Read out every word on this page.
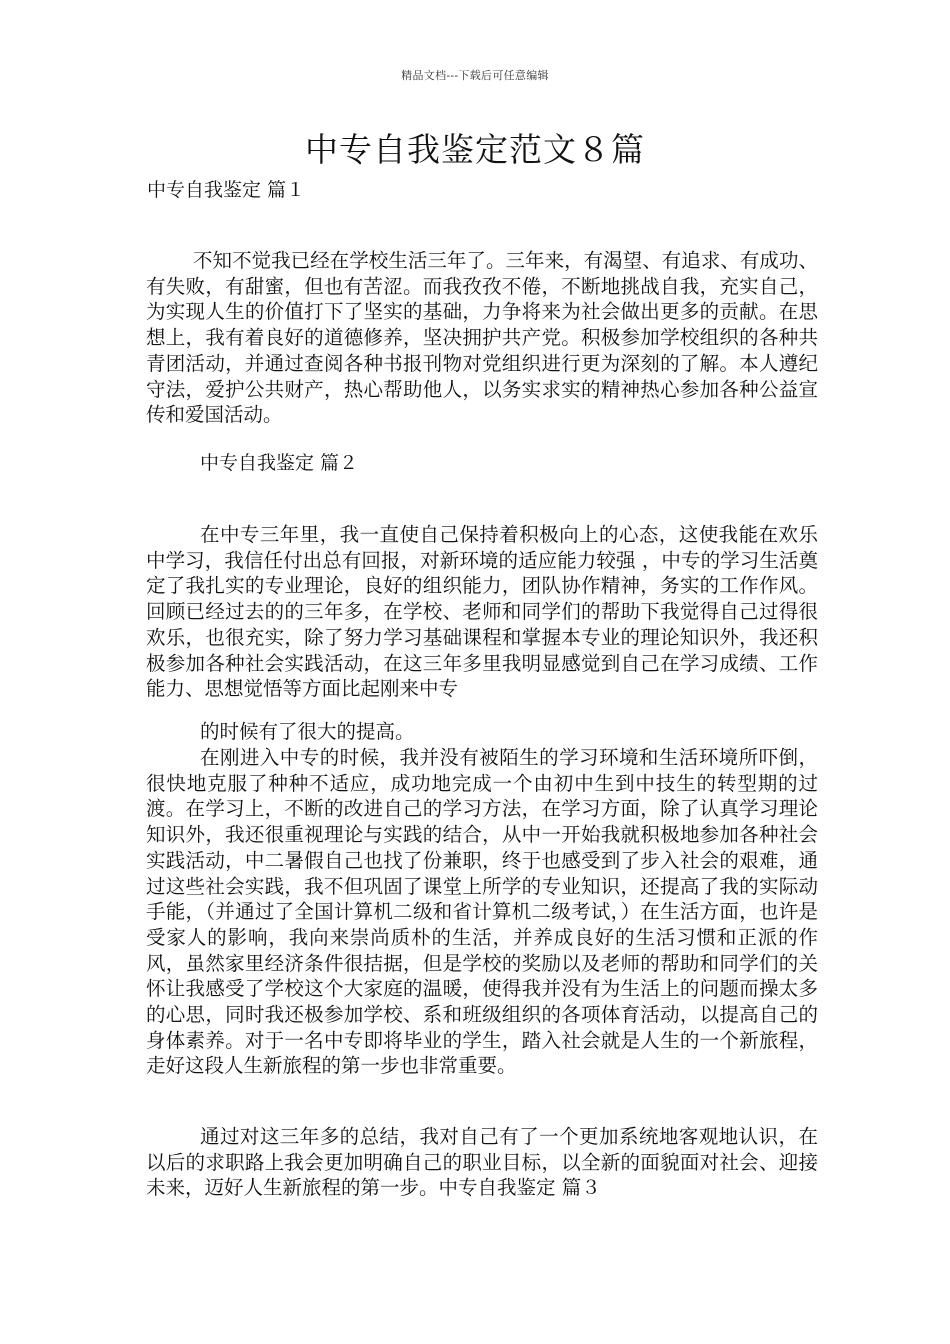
精品文档---下载后可任意编辑
中专自我鉴定范文８篇
中专自我鉴定 篇１

不知不觉我已经在学校生活三年了。三年来，有渴望、有追求、有成功、有失败，有甜蜜，但也有苦涩。而我孜孜不倦，不断地挑战自我，充实自己，为实现人生的价值打下了坚实的基础，力争将来为社会做出更多的贡献。在思想上，我有着良好的道德修养，坚决拥护共产党。积极参加学校组织的各种共青团活动，并通过查阅各种书报刊物对党组织进行更为深刻的了解。本人遵纪守法，爱护公共财产，热心帮助他人，以务实求实的精神热心参加各种公益宣传和爱国活动。

中专自我鉴定 篇２

在中专三年里，我一直使自己保持着积极向上的心态，这使我能在欢乐中学习，我信任付出总有回报，对新环境的适应能力较强 ，中专的学习生活奠定了我扎实的专业理论，良好的组织能力，团队协作精神，务实的工作作风。 回顾已经过去的的三年多，在学校、老师和同学们的帮助下我觉得自己过得很欢乐，也很充实，除了努力学习基础课程和掌握本专业的理论知识外，我还积极参加各种社会实践活动，在这三年多里我明显感觉到自己在学习成绩、工作能力、思想觉悟等方面比起刚来中专

的时候有了很大的提高。

在刚进入中专的时候，我并没有被陌生的学习环境和生活环境所吓倒，很快地克服了种种不适应，成功地完成一个由初中生到中技生的转型期的过渡。在学习上，不断的改进自己的学习方法，在学习方面，除了认真学习理论知识外，我还很重视理论与实践的结合，从中一开始我就积极地参加各种社会实践活动，中二暑假自己也找了份兼职，终于也感受到了步入社会的艰难，通过这些社会实践，我不但巩固了课堂上所学的专业知识，还提高了我的实际动手能，（并通过了全国计算机二级和省计算机二级考试，）在生活方面，也许是受家人的影响，我向来崇尚质朴的生活，并养成良好的生活习惯和正派的作风，虽然家里经济条件很拮据，但是学校的奖励以及老师的帮助和同学们的关怀让我感受了学校这个大家庭的温暖，使得我并没有为生活上的问题而操太多的心思，同时我还极参加学校、系和班级组织的各项体育活动，以提高自己的身体素养。对于一名中专即将毕业的学生，踏入社会就是人生的一个新旅程，走好这段人生新旅程的第一步也非常重要。

通过对这三年多的总结，我对自己有了一个更加系统地客观地认识，在以后的求职路上我会更加明确自己的职业目标，以全新的面貌面对社会、迎接未来，迈好人生新旅程的第一步。中专自我鉴定 篇３
